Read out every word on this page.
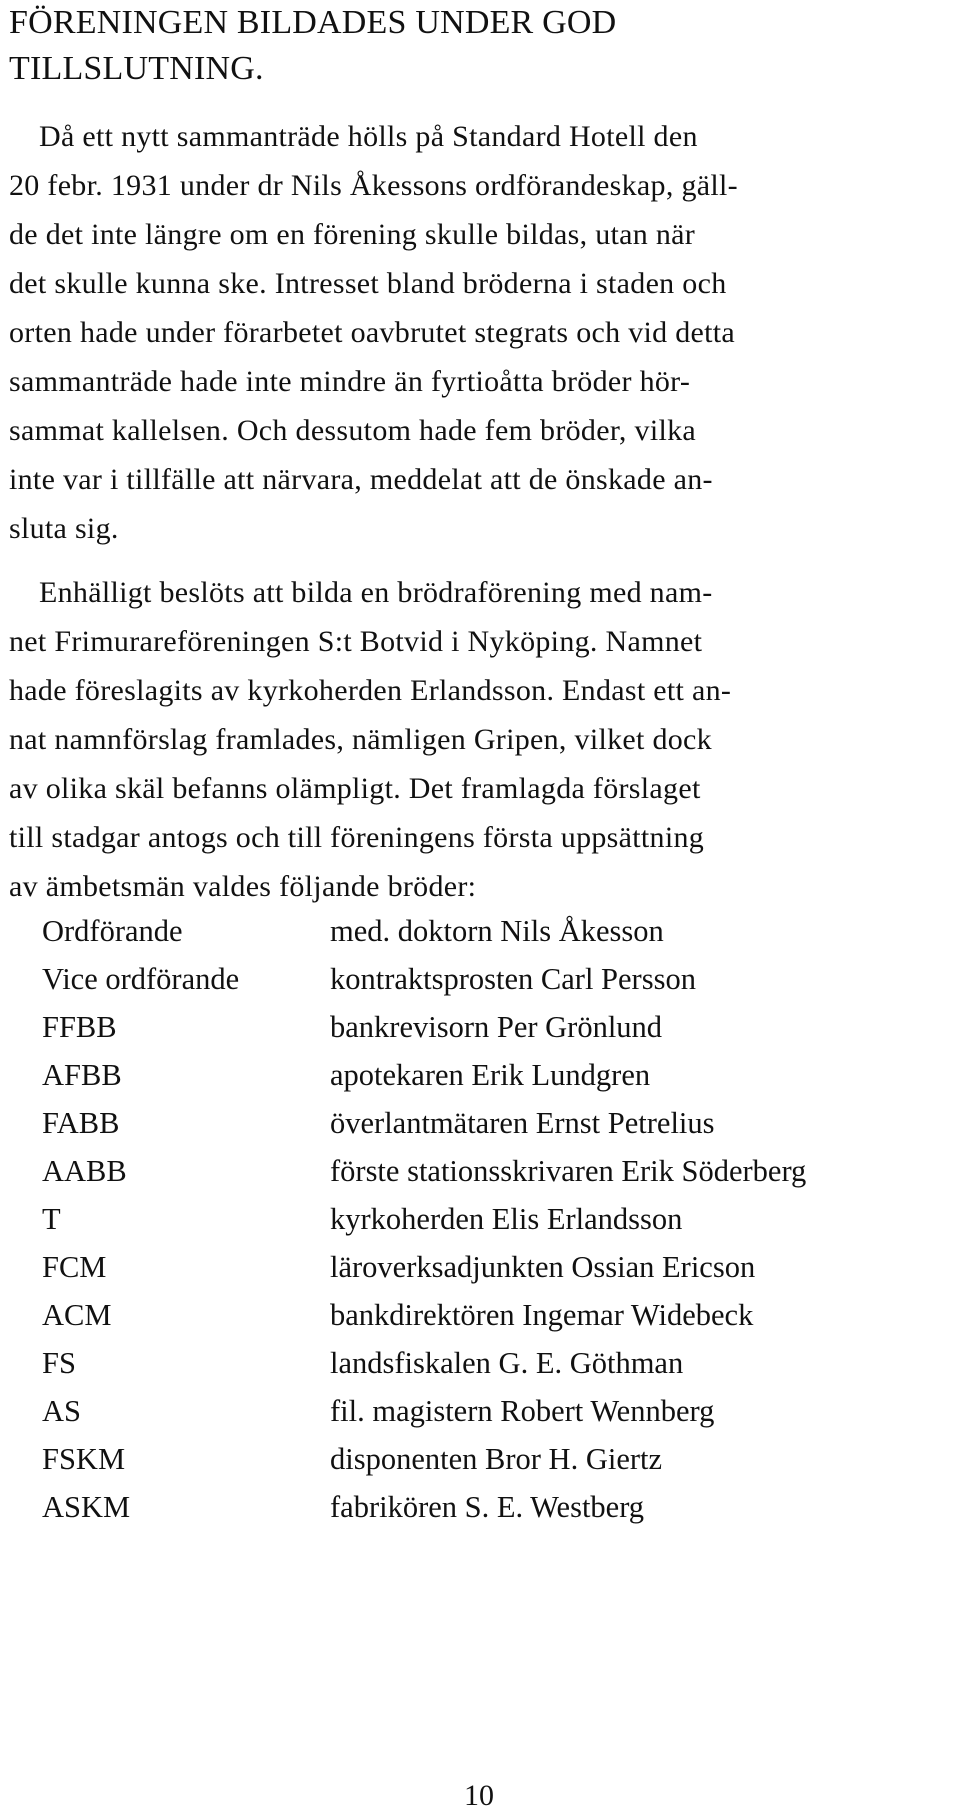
FÖRENINGEN BILDADES UNDER GOD
TILLSLUTNING.
Då ett nytt sammanträde hölls på Standard Hotell den
20 febr. 1931 under dr Nils Åkessons ordförandeskap, gäll-
de det inte längre om en förening skulle bildas, utan när
det skulle kunna ske. Intresset bland bröderna i staden och
orten hade under förarbetet oavbrutet stegrats och vid detta
sammanträde hade inte mindre än fyrtioåtta bröder hör-
sammat kallelsen. Och dessutom hade fem bröder, vilka
inte var i tillfälle att närvara, meddelat att de önskade an-
sluta sig.
Enhälligt beslöts att bilda en brödraförening med nam-
net Frimurareföreningen S:t Botvid i Nyköping. Namnet
hade föreslagits av kyrkoherden Erlandsson. Endast ett an-
nat namnförslag framlades, nämligen Gripen, vilket dock
av olika skäl befanns olämpligt. Det framlagda förslaget
till stadgar antogs och till föreningens första uppsättning
av ämbetsmän valdes följande bröder:
Ordförande	med. doktorn Nils Åkesson
Vice ordförande	kontraktsprosten Carl Persson
FFBB	bankrevisorn Per Grönlund
AFBB	apotekaren Erik Lundgren
FABB	överlantmätaren Ernst Petrelius
AABB	förste stationsskrivaren Erik Söderberg
T	kyrkoherden Elis Erlandsson
FCM	läroverksadjunkten Ossian Ericson
ACM	bankdirektören Ingemar Widebeck
FS	landsfiskalen G. E. Göthman
AS	fil. magistern Robert Wennberg
FSKM	disponenten Bror H. Giertz
ASKM	fabrikören S. E. Westberg
10
